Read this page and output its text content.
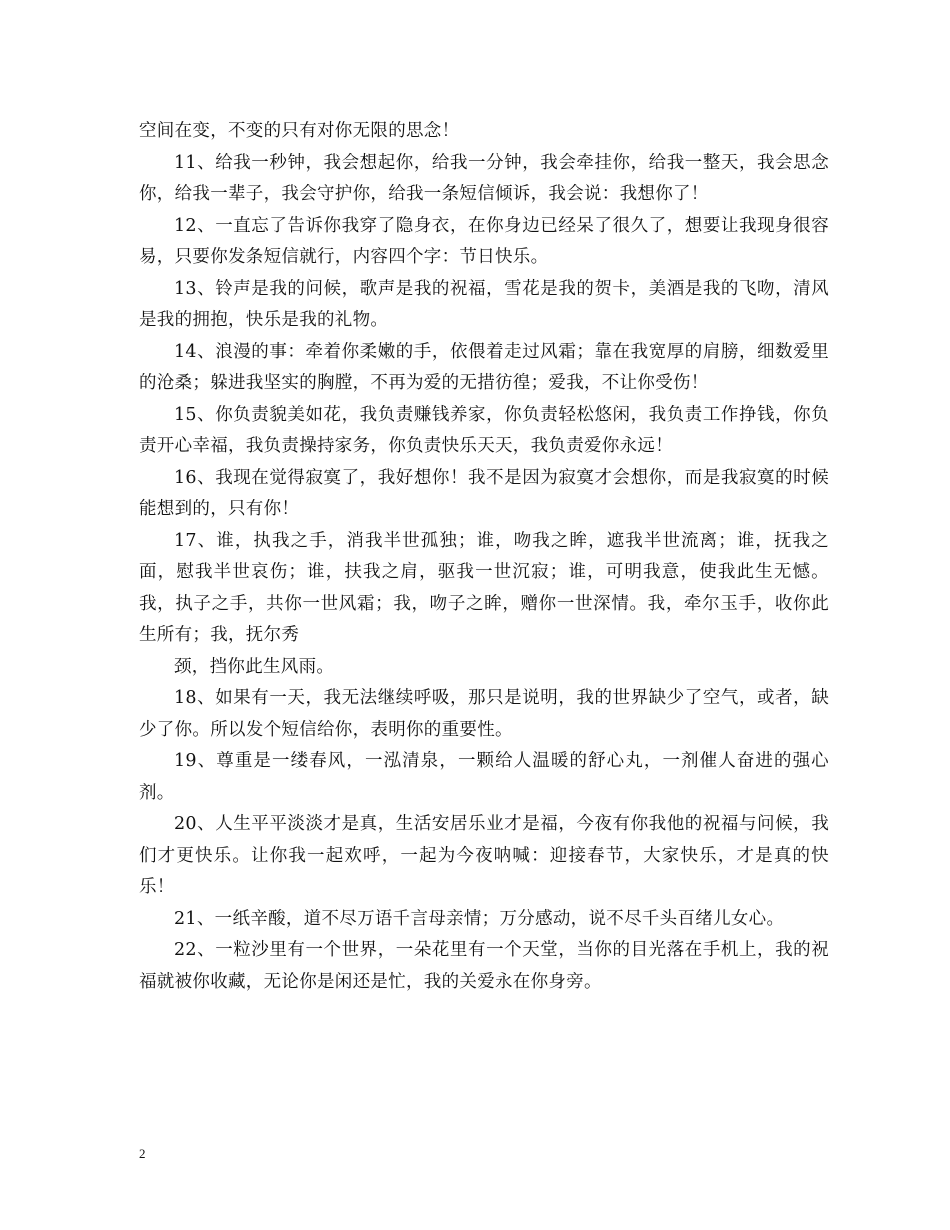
空间在变，不变的只有对你无限的思念！

11、给我一秒钟，我会想起你，给我一分钟，我会牵挂你，给我一整天，我会思念你，给我一辈子，我会守护你，给我一条短信倾诉，我会说：我想你了！

12、一直忘了告诉你我穿了隐身衣，在你身边已经呆了很久了，想要让我现身很容易，只要你发条短信就行，内容四个字：节日快乐。

13、铃声是我的问候，歌声是我的祝福，雪花是我的贺卡，美酒是我的飞吻，清风是我的拥抱，快乐是我的礼物。

14、浪漫的事：牵着你柔嫩的手，依偎着走过风霜；靠在我宽厚的肩膀，细数爱里的沧桑；躲进我坚实的胸膛，不再为爱的无措彷徨；爱我，不让你受伤！

15、你负责貌美如花，我负责赚钱养家，你负责轻松悠闲，我负责工作挣钱，你负责开心幸福，我负责操持家务，你负责快乐天天，我负责爱你永远！

16、我现在觉得寂寞了，我好想你！我不是因为寂寞才会想你，而是我寂寞的时候能想到的，只有你！

17、谁，执我之手，消我半世孤独；谁，吻我之眸，遮我半世流离；谁，抚我之面，慰我半世哀伤；谁，扶我之肩，驱我一世沉寂；谁，可明我意，使我此生无憾。我，执子之手，共你一世风霜；我，吻子之眸，赠你一世深情。我，牵尔玉手，收你此生所有；我，抚尔秀

颈，挡你此生风雨。

18、如果有一天，我无法继续呼吸，那只是说明，我的世界缺少了空气，或者，缺少了你。所以发个短信给你，表明你的重要性。

19、尊重是一缕春风，一泓清泉，一颗给人温暖的舒心丸，一剂催人奋进的强心剂。

20、人生平平淡淡才是真，生活安居乐业才是福，今夜有你我他的祝福与问候，我们才更快乐。让你我一起欢呼，一起为今夜呐喊：迎接春节，大家快乐，才是真的快乐！

21、一纸辛酸，道不尽万语千言母亲情；万分感动，说不尽千头百绪儿女心。

22、一粒沙里有一个世界，一朵花里有一个天堂，当你的目光落在手机上，我的祝福就被你收藏，无论你是闲还是忙，我的关爱永在你身旁。

2
